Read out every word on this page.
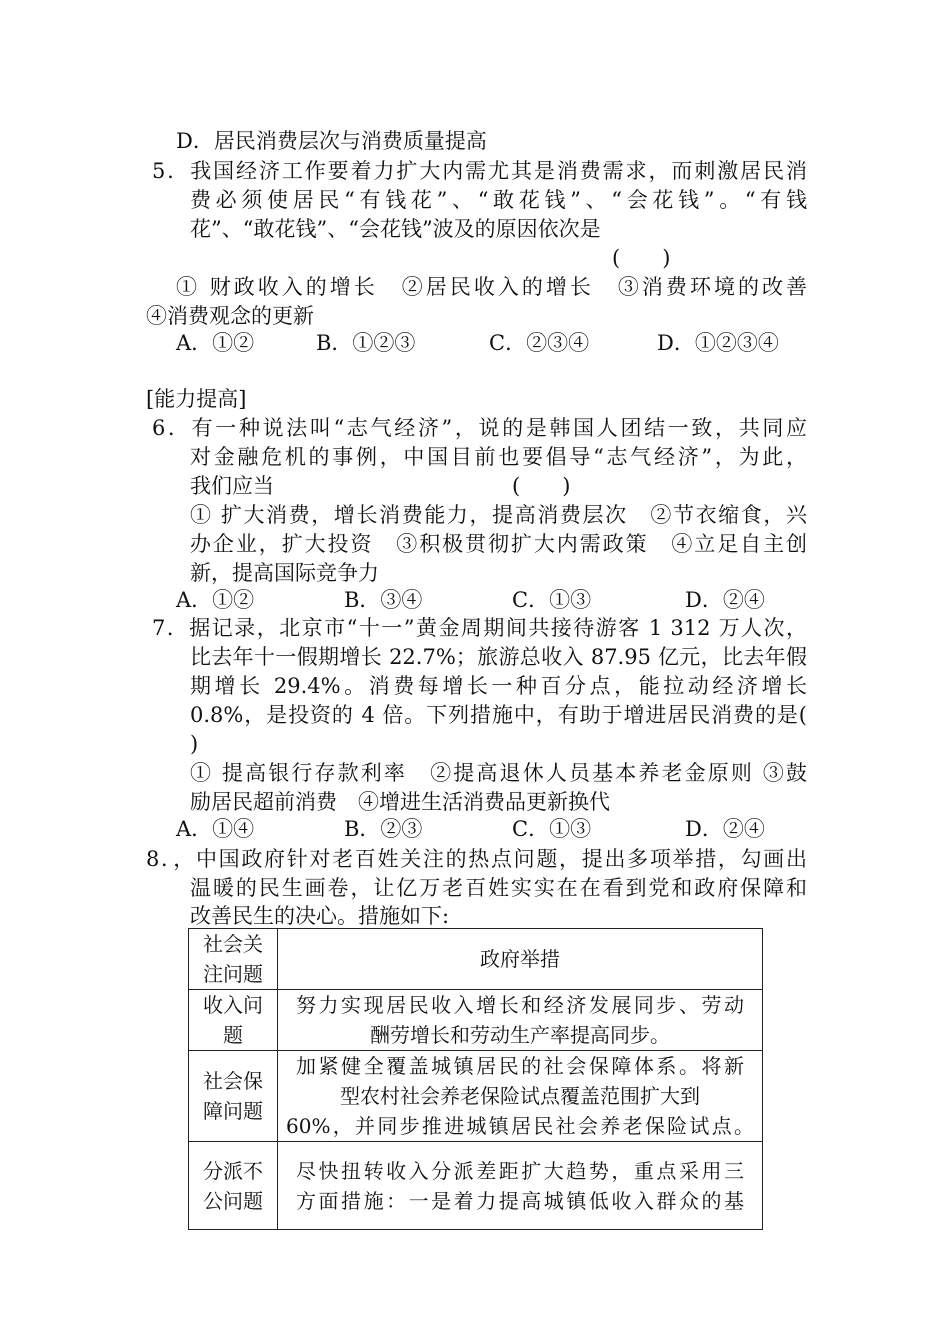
D．居民消费层次与消费质量提高
5．我国经济工作要着力扩大内需尤其是消费需求，而刺激居民消
费必须使居民“有钱花”、“敢花钱”、“会花钱”。“有钱
花”、“敢花钱”、“会花钱”波及的原因依次是
(　　)
① 财政收入的增长　②居民收入的增长　③消费环境的改善
④消费观念的更新
A．①②	B．①②③	C．②③④	D．①②③④
[能力提高]
6．有一种说法叫“志气经济”，说的是韩国人团结一致，共同应
对金融危机的事例，中国目前也要倡导“志气经济”，为此，
我们应当	(　　)
① 扩大消费，增长消费能力，提高消费层次　②节衣缩食，兴
办企业，扩大投资　③积极贯彻扩大内需政策　④立足自主创
新，提高国际竞争力
A．①②	B．③④	C．①③	D．②④
7．据记录，北京市“十一”黄金周期间共接待游客 1 312 万人次，
比去年十一假期增长 22.7%；旅游总收入 87.95 亿元，比去年假
期增长 29.4%。消费每增长一种百分点，能拉动经济增长
0.8%，是投资的 4 倍。下列措施中，有助于增进居民消费的是(
)
① 提高银行存款利率　②提高退休人员基本养老金原则 ③鼓
励居民超前消费　④增进生活消费品更新换代
A．①④	B．②③	C．①③	D．②④
8．，中国政府针对老百姓关注的热点问题，提出多项举措，勾画出
温暖的民生画卷，让亿万老百姓实实在在看到党和政府保障和
改善民生的决心。措施如下:
社会关
注问题	政府举措

收入问
题	努力实现居民收入增长和经济发展同步、劳动
酬劳增长和劳动生产率提高同步。

社会保
障问题	加紧健全覆盖城镇居民的社会保障体系。将新
型农村社会养老保险试点覆盖范围扩大到
60%，并同步推进城镇居民社会养老保险试点。

分派不
公问题	尽快扭转收入分派差距扩大趋势，重点采用三
方面措施：一是着力提高城镇低收入群众的基
